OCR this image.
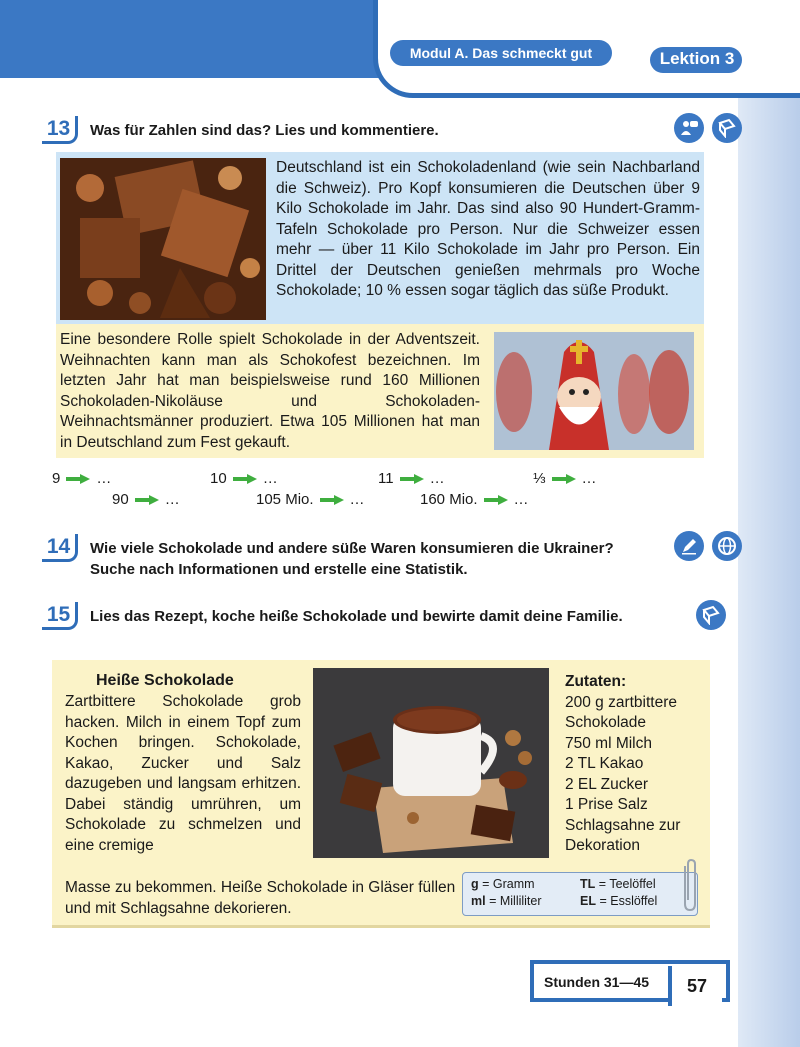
Modul A. Das schmeckt gut	Lektion 3
13	Was für Zahlen sind das? Lies und kommentiere.
Deutschland ist ein Schokoladenland (wie sein Nachbarland die Schweiz). Pro Kopf konsumieren die Deutschen über 9 Kilo Schokolade im Jahr. Das sind also 90 Hundert-Gramm-Tafeln Schokolade pro Person. Nur die Schweizer essen mehr — über 11 Kilo Schokolade im Jahr pro Person. Ein Drittel der Deutschen genießen mehrmals pro Woche Schokolade; 10 % essen sogar täglich das süße Produkt.
Eine besondere Rolle spielt Schokolade in der Adventszeit. Weihnachten kann man als Schokofest bezeichnen. Im letzten Jahr hat man beispielsweise rund 160 Millionen Schokoladen-Nikoläuse und Schokoladen-Weihnachtsmänner produziert. Etwa 105 Millionen hat man in Deutschland zum Fest gekauft.
9 …	10 …	11 …	⅓ …
90 …	105 Mio. …	160 Mio. …
14	Wie viele Schokolade und andere süße Waren konsumieren die Ukrainer? Suche nach Informationen und erstelle eine Statistik.
15	Lies das Rezept, koche heiße Schokolade und bewirte damit deine Familie.
Heiße Schokolade
Zartbittere Schokolade grob hacken. Milch in einem Topf zum Kochen bringen. Schokolade, Kakao, Zucker und Salz dazugeben und langsam erhitzen. Dabei ständig umrühren, um Schokolade zu schmelzen und eine cremige
Masse zu bekommen. Heiße Schokolade in Gläser füllen und mit Schlagsahne dekorieren.
Zutaten:
200 g zartbittere Schokolade
750 ml Milch
2 TL Kakao
2 EL Zucker
1 Prise Salz
Schlagsahne zur Dekoration
g = Gramm	TL = Teelöffel
ml = Milliliter	EL = Esslöffel
Stunden 31—45	57
